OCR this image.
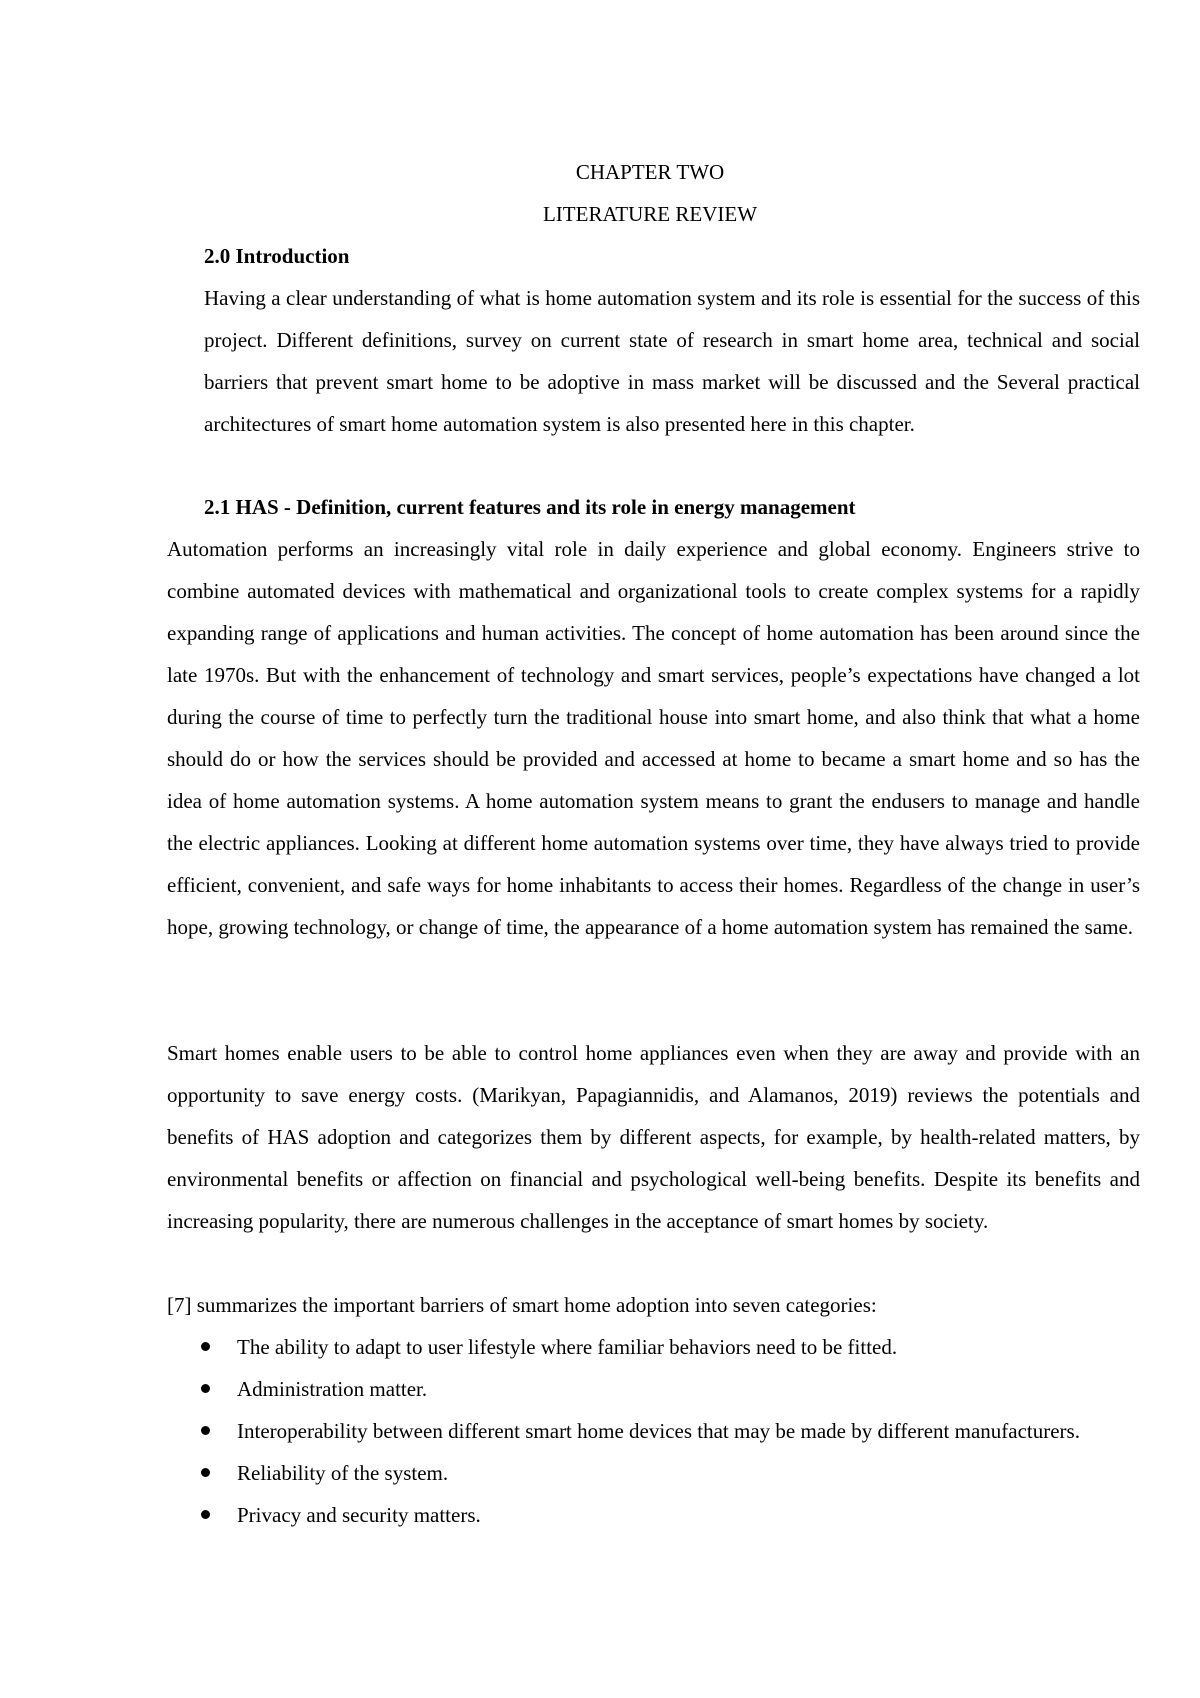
CHAPTER TWO
LITERATURE REVIEW
2.0 Introduction

Having a clear understanding of what is home automation system and its role is essential for the success of this project. Different definitions, survey on current state of research in smart home area, technical and social barriers that prevent smart home to be adoptive in mass market will be discussed and the Several practical architectures of smart home automation system is also presented here in this chapter.

2.1 HAS - Definition, current features and its role in energy management

Automation performs an increasingly vital role in daily experience and global economy. Engineers strive to combine automated devices with mathematical and organizational tools to create complex systems for a rapidly expanding range of applications and human activities. The concept of home automation has been around since the late 1970s. But with the enhancement of technology and smart services, people’s expectations have changed a lot during the course of time to perfectly turn the traditional house into smart home, and also think that what a home should do or how the services should be provided and accessed at home to became a smart home and so has the idea of home automation systems. A home automation system means to grant the endusers to manage and handle the electric appliances. Looking at different home automation systems over time, they have always tried to provide efficient, convenient, and safe ways for home inhabitants to access their homes. Regardless of the change in user’s hope, growing technology, or change of time, the appearance of a home automation system has remained the same.

Smart homes enable users to be able to control home appliances even when they are away and provide with an opportunity to save energy costs. (Marikyan, Papagiannidis, and Alamanos, 2019) reviews the potentials and benefits of HAS adoption and categorizes them by different aspects, for example, by health-related matters, by environmental benefits or affection on financial and psychological well-being benefits. Despite its benefits and increasing popularity, there are numerous challenges in the acceptance of smart homes by society.

[7] summarizes the important barriers of smart home adoption into seven categories:

The ability to adapt to user lifestyle where familiar behaviors need to be fitted.
Administration matter.
Interoperability between different smart home devices that may be made by different manufacturers.
Reliability of the system.
Privacy and security matters.
